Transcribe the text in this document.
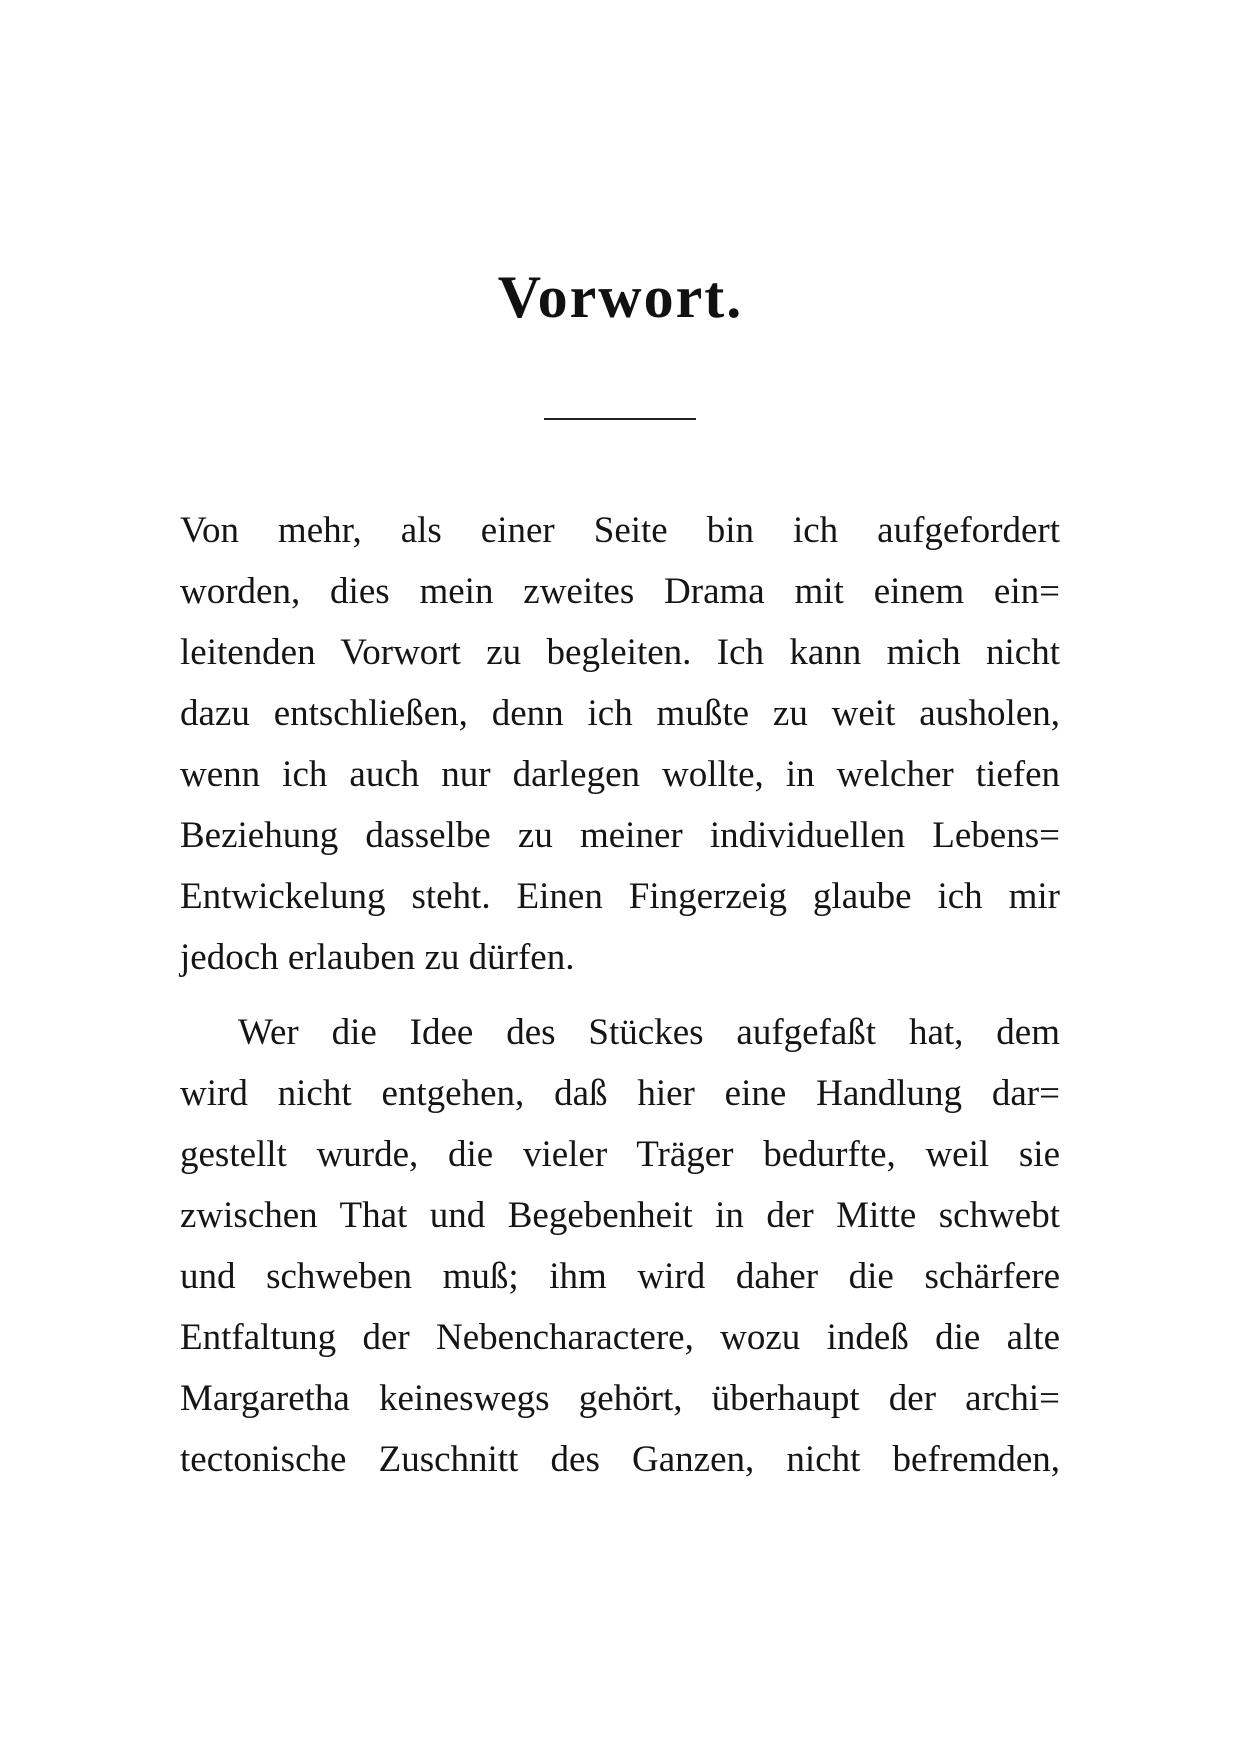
Vorwort.
Von mehr, als einer Seite bin ich aufgefordert
worden, dies mein zweites Drama mit einem ein=
leitenden Vorwort zu begleiten. Ich kann mich nicht
dazu entschließen, denn ich mußte zu weit ausholen,
wenn ich auch nur darlegen wollte, in welcher tiefen
Beziehung dasselbe zu meiner individuellen Lebens=
Entwickelung steht. Einen Fingerzeig glaube ich mir
jedoch erlauben zu dürfen.
Wer die Idee des Stückes aufgefaßt hat, dem
wird nicht entgehen, daß hier eine Handlung dar=
gestellt wurde, die vieler Träger bedurfte, weil sie
zwischen That und Begebenheit in der Mitte schwebt
und schweben muß; ihm wird daher die schärfere
Entfaltung der Nebencharactere, wozu indeß die alte
Margaretha keineswegs gehört, überhaupt der archi=
tectonische Zuschnitt des Ganzen, nicht befremden,
